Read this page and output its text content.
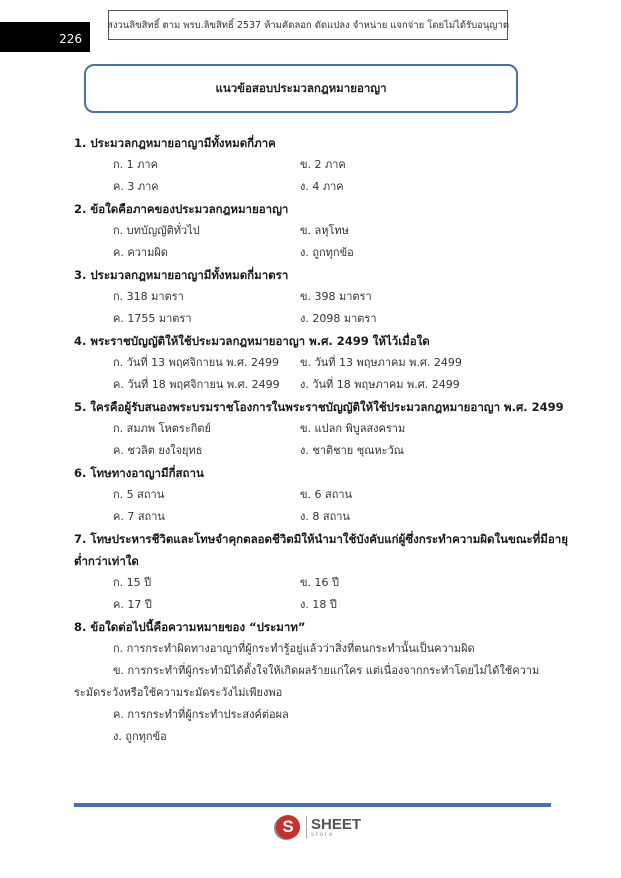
226
สงวนลิขสิทธิ์ ตาม พรบ.ลิขสิทธิ์ 2537 ห้ามคัดลอก ดัดแปลง จำหน่าย แจกจ่าย โดยไม่ได้รับอนุญาต
แนวข้อสอบประมวลกฎหมายอาญา
1. ประมวลกฎหมายอาญามีทั้งหมดกี่ภาค
ก. 1 ภาค	ข. 2 ภาค
ค. 3 ภาค	ง. 4 ภาค
2. ข้อใดคือภาคของประมวลกฎหมายอาญา
ก. บทบัญญัติทั่วไป	ข. ลหุโทษ
ค. ความผิด	ง. ถูกทุกข้อ
3. ประมวลกฎหมายอาญามีทั้งหมดกี่มาตรา
ก. 318 มาตรา	ข. 398 มาตรา
ค. 1755 มาตรา	ง. 2098 มาตรา
4. พระราชบัญญัติให้ใช้ประมวลกฎหมายอาญา พ.ศ. 2499 ให้ไว้เมื่อใด
ก. วันที่ 13 พฤศจิกายน พ.ศ. 2499	ข. วันที่ 13 พฤษภาคม พ.ศ. 2499
ค. วันที่ 18 พฤศจิกายน พ.ศ. 2499	ง. วันที่ 18 พฤษภาคม พ.ศ. 2499
5. ใครคือผู้รับสนองพระบรมราชโองการในพระราชบัญญัติให้ใช้ประมวลกฎหมายอาญา พ.ศ. 2499
ก. สมภพ โหตระกิตย์	ข. แปลก พิบูลสงคราม
ค. ชวลิต ยงใจยุทธ	ง. ชาติชาย ชุณหะวัณ
6. โทษทางอาญามีกี่สถาน
ก. 5 สถาน	ข. 6 สถาน
ค. 7 สถาน	ง. 8 สถาน
7. โทษประหารชีวิตและโทษจำคุกตลอดชีวิตมิให้นำมาใช้บังคับแก่ผู้ซึ่งกระทำความผิดในขณะที่มีอายุ
ต่ำกว่าเท่าใด
ก. 15 ปี	ข. 16 ปี
ค. 17 ปี	ง. 18 ปี
8. ข้อใดต่อไปนี้คือความหมายของ “ประมาท”
ก. การกระทำผิดทางอาญาที่ผู้กระทำรู้อยู่แล้วว่าสิ่งที่ตนกระทำนั้นเป็นความผิด
ข. การกระทำที่ผู้กระทำมิได้ตั้งใจให้เกิดผลร้ายแก่ใคร แต่เนื่องจากกระทำโดยไม่ได้ใช้ความ
ระมัดระวังหรือใช้ความระมัดระวังไม่เพียงพอ
ค. การกระทำที่ผู้กระทำประสงค์ต่อผล
ง. ถูกทุกข้อ
S	SHEET
store
